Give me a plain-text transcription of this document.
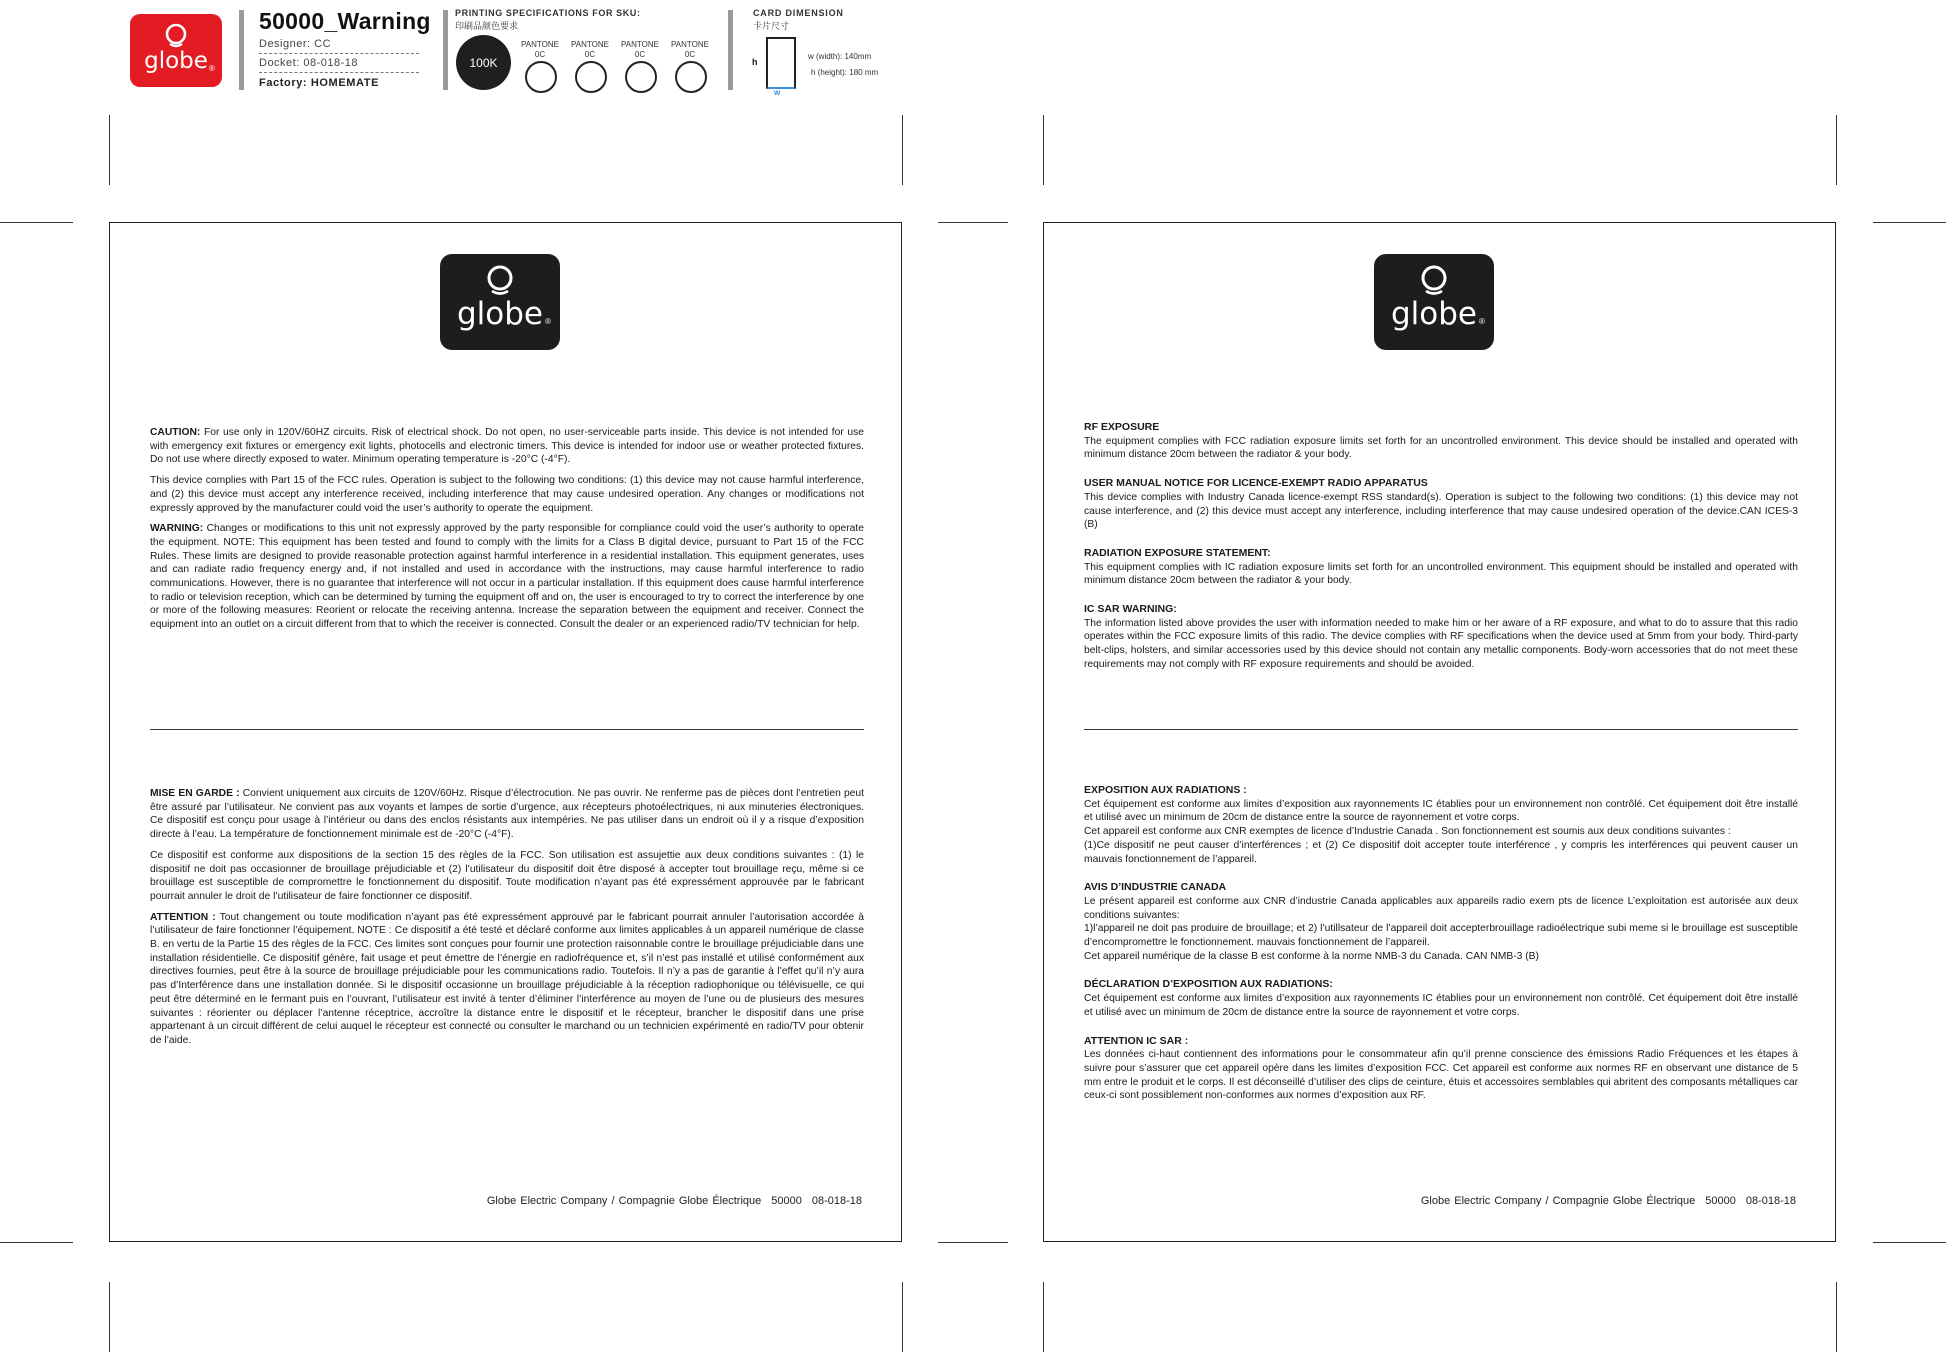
globe ®
50000_Warning
Designer: CC
Docket: 08-018-18
Factory: HOMEMATE
PRINTING SPECIFICATIONS FOR SKU:
印刷品颜色要求
100K
PANTONE
0C
PANTONE
0C
PANTONE
0C
PANTONE
0C
CARD DIMENSION
卡片尺寸
h
w
w (width): 140mm
h (height): 180 mm
globe ®

CAUTION: For use only in 120V/60HZ circuits. Risk of electrical shock. Do not open, no user-serviceable parts inside. This device is not intended for use with emergency exit fixtures or emergency exit lights, photocells and electronic timers. This device is intended for indoor use or weather protected fixtures. Do not use where directly exposed to water. Minimum operating temperature is -20°C (-4°F).

This device complies with Part 15 of the FCC rules. Operation is subject to the following two conditions: (1) this device may not cause harmful interference, and (2) this device must accept any interference received, including interference that may cause undesired operation. Any changes or modifications not expressly approved by the manufacturer could void the user’s authority to operate the equipment.

WARNING: Changes or modifications to this unit not expressly approved by the party responsible for compliance could void the user’s authority to operate the equipment. NOTE: This equipment has been tested and found to comply with the limits for a Class B digital device, pursuant to Part 15 of the FCC Rules. These limits are designed to provide reasonable protection against harmful interference in a residential installation. This equipment generates, uses and can radiate radio frequency energy and, if not installed and used in accordance with the instructions, may cause harmful interference to radio communications. However, there is no guarantee that interference will not occur in a particular installation. If this equipment does cause harmful interference to radio or television reception, which can be determined by turning the equipment off and on, the user is encouraged to try to correct the interference by one or more of the following measures: Reorient or relocate the receiving antenna. Increase the separation between the equipment and receiver. Connect the equipment into an outlet on a circuit different from that to which the receiver is connected. Consult the dealer or an experienced radio/TV technician for help.

MISE EN GARDE : Convient uniquement aux circuits de 120V/60Hz. Risque d’électrocution. Ne pas ouvrir. Ne renferme pas de pièces dont l’entretien peut être assuré par l’utilisateur. Ne convient pas aux voyants et lampes de sortie d’urgence, aux récepteurs photoélectriques, ni aux minuteries électroniques. Ce dispositif est conçu pour usage à l’intérieur ou dans des enclos résistants aux intempéries. Ne pas utiliser dans un endroit où il y a risque d’exposition directe à l’eau. La température de fonctionnement minimale est de -20°C (-4°F).

Ce dispositif est conforme aux dispositions de la section 15 des règles de la FCC. Son utilisation est assujettie aux deux conditions suivantes : (1) le dispositif ne doit pas occasionner de brouillage préjudiciable et (2) l’utilisateur du dispositif doit être disposé à accepter tout brouillage reçu, même si ce brouillage est susceptible de compromettre le fonctionnement du dispositif. Toute modification n’ayant pas été expressément approuvée par le fabricant pourrait annuler le droit de l’utilisateur de faire fonctionner ce dispositif.

ATTENTION : Tout changement ou toute modification n’ayant pas été expressément approuvé par le fabricant pourrait annuler l’autorisation accordée à l’utilisateur de faire fonctionner l’équipement. NOTE : Ce dispositif a été testé et déclaré conforme aux limites applicables à un appareil numérique de classe B. en vertu de la Partie 15 des règles de la FCC. Ces limites sont conçues pour fournir une protection raisonnable contre le brouillage préjudiciable dans une installation résidentielle. Ce dispositif génère, fait usage et peut émettre de l’énergie en radiofréquence et, s’il n’est pas installé et utilisé conformément aux directives fournies, peut être à la source de brouillage préjudiciable pour les communications radio. Toutefois. Il n’y a pas de garantie à l’effet qu’il n’y aura pas d’Interférence dans une installation donnée. Si le dispositif occasionne un brouillage préjudiciable à la réception radiophonique ou télévisuelle, ce qui peut être déterminé en le fermant puis en l’ouvrant, l’utilisateur est invité à tenter d’éliminer l’interférence au moyen de l’une ou de plusieurs des mesures suivantes : réorienter ou déplacer l’antenne réceptrice, accroître la distance entre le dispositif et le récepteur, brancher le dispositif dans une prise appartenant à un circuit différent de celui auquel le récepteur est connecté ou consulter le marchand ou un technicien expérimenté en radio/TV pour obtenir de l’aide.

Globe Electric Company / Compagnie Globe Électrique 50000 08-018-18
globe ®
RF EXPOSURE
The equipment complies with FCC radiation exposure limits set forth for an uncontrolled environment. This device should be installed and operated with minimum distance 20cm between the radiator & your body.
USER MANUAL NOTICE FOR LICENCE-EXEMPT RADIO APPARATUS
This device complies with Industry Canada licence-exempt RSS standard(s). Operation is subject to the following two conditions: (1) this device may not cause interference, and (2) this device must accept any interference, including interference that may cause undesired operation of the device.CAN ICES-3 (B)
RADIATION EXPOSURE STATEMENT:
This equipment complies with IC radiation exposure limits set forth for an uncontrolled environment. This equipment should be installed and operated with minimum distance 20cm between the radiator & your body.
IC SAR WARNING:
The information listed above provides the user with information needed to make him or her aware of a RF exposure, and what to do to assure that this radio operates within the FCC exposure limits of this radio. The device complies with RF specifications when the device used at 5mm from your body. Third-party belt-clips, holsters, and similar accessories used by this device should not contain any metallic components. Body-worn accessories that do not meet these requirements may not comply with RF exposure requirements and should be avoided.
EXPOSITION AUX RADIATIONS :
Cet équipement est conforme aux limites d’exposition aux rayonnements IC établies pour un environnement non contrôlé. Cet équipement doit être installé et utilisé avec un minimum de 20cm de distance entre la source de rayonnement et votre corps.
Cet appareil est conforme aux CNR exemptes de licence d’Industrie Canada . Son fonctionnement est soumis aux deux conditions suivantes :
(1)Ce dispositif ne peut causer d’interférences ; et (2) Ce dispositif doit accepter toute interférence , y compris les interférences qui peuvent causer un mauvais fonctionnement de l’appareil.
AVIS D’INDUSTRIE CANADA
Le présent appareil est conforme aux CNR d’industrie Canada applicables aux appareils radio exem pts de licence L’exploitation est autorisée aux deux conditions suivantes:
1)l’appareil ne doit pas produire de brouillage; et 2) l’utillsateur de l’appareil doit accepterbrouillage radioélectrique subi meme si le brouillage est susceptible d’encompromettre le fonctionnement. mauvais fonctionnement de l’appareil.
Cet appareil numérique de la classe B est conforme à la norme NMB-3 du Canada. CAN NMB-3 (B)
DÉCLARATION D’EXPOSITION AUX RADIATIONS:
Cet équipement est conforme aux limites d’exposition aux rayonnements IC établies pour un environnement non contrôlé. Cet équipement doit être installé et utilisé avec un minimum de 20cm de distance entre la source de rayonnement et votre corps.
ATTENTION IC SAR :
Les données ci-haut contiennent des informations pour le consommateur afin qu’il prenne conscience des émissions Radio Fréquences et les étapes à suivre pour s’assurer que cet appareil opère dans les limites d’exposition FCC. Cet appareil est conforme aux normes RF en observant une distance de 5 mm entre le produit et le corps. Il est déconseillé d’utiliser des clips de ceinture, étuis et accessoires semblables qui abritent des composants métalliques car ceux-ci sont possiblement non-conformes aux normes d’exposition aux RF.
Globe Electric Company / Compagnie Globe Électrique 50000 08-018-18
